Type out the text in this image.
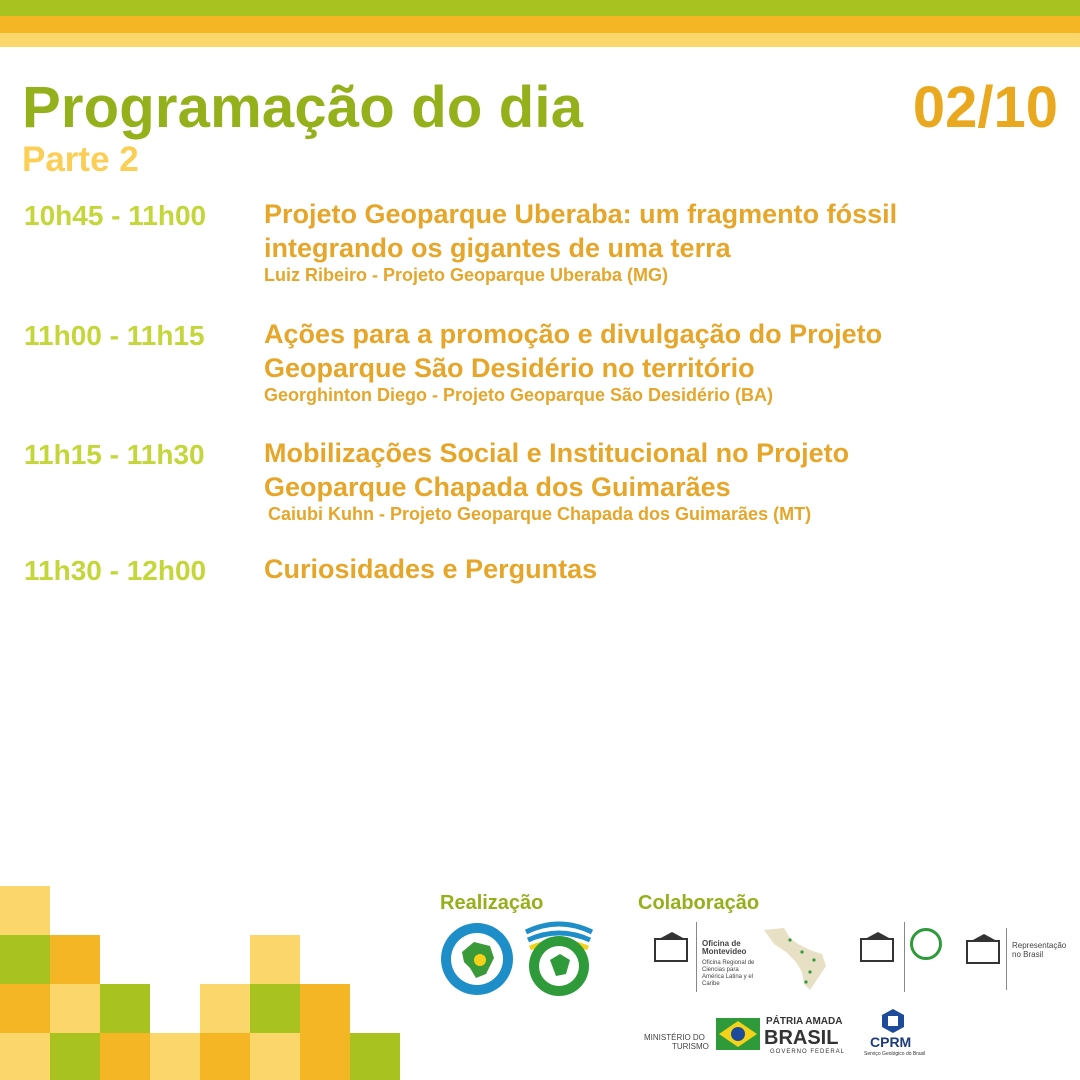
Programação do dia	02/10
Parte 2
10h45 - 11h00 Projeto Geoparque Uberaba: um fragmento fóssil
integrando os gigantes de uma terra
Luiz Ribeiro - Projeto Geoparque Uberaba (MG)
11h00 - 11h15 Ações para a promoção e divulgação do Projeto
Geoparque São Desidério no território
Georghinton Diego - Projeto Geoparque São Desidério (BA)
11h15 - 11h30 Mobilizações Social e Institucional no Projeto
Geoparque Chapada dos Guimarães
Caiubi Kuhn - Projeto Geoparque Chapada dos Guimarães (MT)
11h30 - 12h00 Curiosidades e Perguntas
Realização	Colaboração
Oficina de Montevideo
Oficina Regional de Ciencias para América Latina y el Caribe
Representação
no Brasil
MINISTÉRIO DO
TURISMO
PÁTRIA AMADA
BRASIL
GOVERNO FEDERAL
CPRM
Serviço Geológico do Brasil
